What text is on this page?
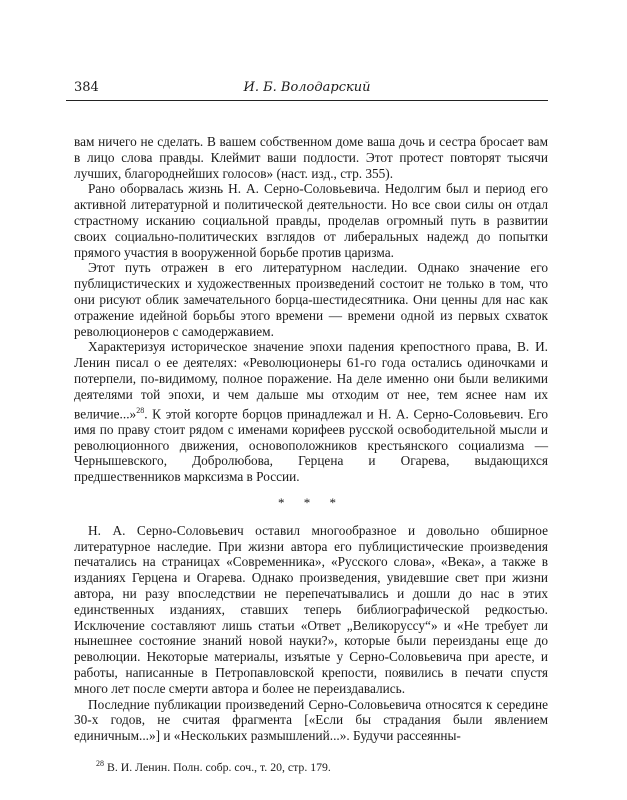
384	И. Б. Володарский

вам ничего не сделать. В вашем собственном доме ваша дочь и сестра бросает вам в лицо слова правды. Клеймит ваши подлости. Этот протест повторят тысячи лучших, благороднейших голосов» (наст. изд., стр. 355).

Рано оборвалась жизнь Н. А. Серно-Соловьевича. Недолгим был и период его активной литературной и политической деятельности. Но все свои силы он отдал страстному исканию социальной правды, проделав огромный путь в развитии своих социально-политических взглядов от либеральных надежд до попытки прямого участия в вооруженной борьбе против царизма.

Этот путь отражен в его литературном наследии. Однако значение его публицистических и художественных произведений состоит не только в том, что они рисуют облик замечательного борца-шестидесятника. Они ценны для нас как отражение идейной борьбы этого времени — времени одной из первых схваток революционеров с самодержавием.

Характеризуя историческое значение эпохи падения крепостного права, В. И. Ленин писал о ее деятелях: «Революционеры 61-го года остались одиночками и потерпели, по-видимому, полное поражение. На деле именно они были великими деятелями той эпохи, и чем дальше мы отходим от нее, тем яснее нам их величие...»$^{28}$. К этой когорте борцов принадлежал и Н. А. Серно-Соловьевич. Его имя по праву стоит рядом с именами корифеев русской освободительной мысли и революционного движения, основоположников крестьянского социализма — Чернышевского, Добролюбова, Герцена и Огарева, выдающихся предшественников марксизма в России.

* * *

Н. А. Серно-Соловьевич оставил многообразное и довольно обширное литературное наследие. При жизни автора его публицистические произведения печатались на страницах «Современника», «Русского слова», «Века», а также в изданиях Герцена и Огарева. Однако произведения, увидевшие свет при жизни автора, ни разу впоследствии не перепечатывались и дошли до нас в этих единственных изданиях, ставших теперь библиографической редкостью. Исключение составляют лишь статьи «Ответ „Великоруссу“» и «Не требует ли нынешнее состояние знаний новой науки?», которые были переизданы еще до революции. Некоторые материалы, изъятые у Серно-Соловьевича при аресте, и работы, написанные в Петропавловской крепости, появились в печати спустя много лет после смерти автора и более не переиздавались.

Последние публикации произведений Серно-Соловьевича относятся к середине 30-х годов, не считая фрагмента [«Если бы страдания были явлением единичным...»] и «Нескольких размышлений...». Будучи рассеянны-

$^{28}$ В. И. Ленин. Полн. собр. соч., т. 20, стр. 179.
